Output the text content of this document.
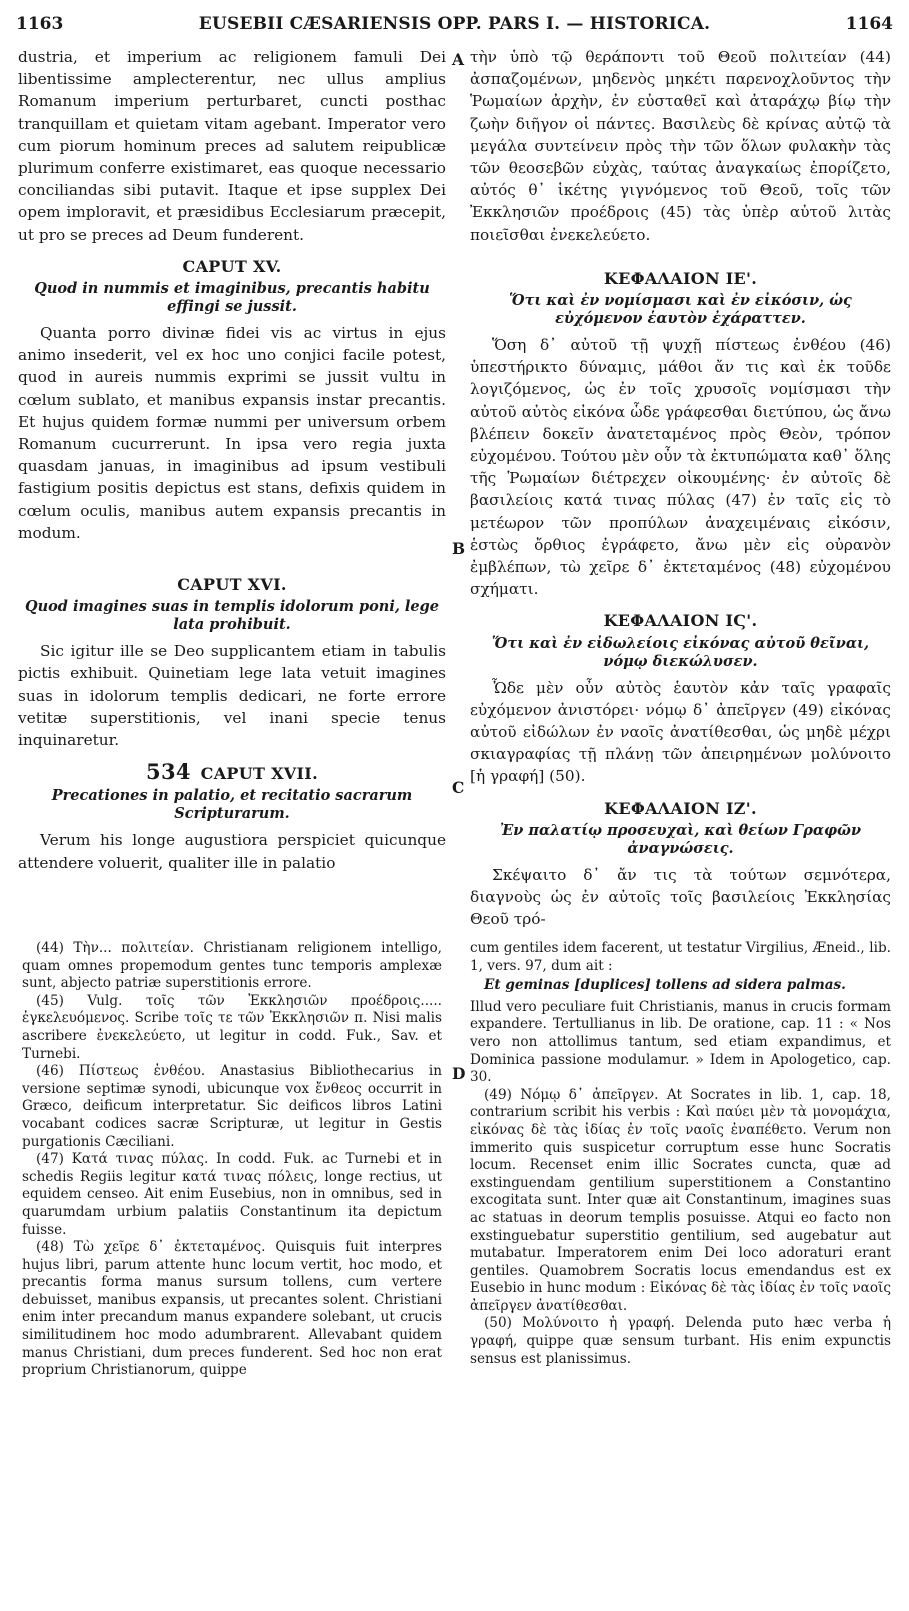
1163	EUSEBII CÆSARIENSIS OPP. PARS I. — HISTORICA.	1164
A
B
C
D

dustria, et imperium ac religionem famuli Dei libentissime amplecterentur, nec ullus amplius Romanum imperium perturbaret, cuncti posthac tranquillam et quietam vitam agebant. Imperator vero cum piorum hominum preces ad salutem reipublicæ plurimum conferre existimaret, eas quoque necessario conciliandas sibi putavit. Itaque et ipse supplex Dei opem imploravit, et præsidibus Ecclesiarum præcepit, ut pro se preces ad Deum funderent.

CAPUT XV.
Quod in nummis et imaginibus, precantis habitu effingi se jussit.

Quanta porro divinæ fidei vis ac virtus in ejus animo insederit, vel ex hoc uno conjici facile potest, quod in aureis nummis exprimi se jussit vultu in cœlum sublato, et manibus expansis instar precantis. Et hujus quidem formæ nummi per universum orbem Romanum cucurrerunt. In ipsa vero regia juxta quasdam januas, in imaginibus ad ipsum vestibuli fastigium positis depictus est stans, defixis quidem in cœlum oculis, manibus autem expansis precantis in modum.

CAPUT XVI.
Quod imagines suas in templis idolorum poni, lege lata prohibuit.

Sic igitur ille se Deo supplicantem etiam in tabulis pictis exhibuit. Quinetiam lege lata vetuit imagines suas in idolorum templis dedicari, ne forte errore vetitæ superstitionis, vel inani specie tenus inquinaretur.

534 CAPUT XVII.
Precationes in palatio, et recitatio sacrarum Scripturarum.

Verum his longe augustiora perspiciet quicunque attendere voluerit, qualiter ille in palatio

τὴν ὑπὸ τῷ θεράποντι τοῦ Θεοῦ πολιτείαν (44) ἀσπαζομένων, μηδενὸς μηκέτι παρενοχλοῦντος τὴν Ῥωμαίων ἀρχὴν, ἐν εὐσταθεῖ καὶ ἀταράχῳ βίῳ τὴν ζωὴν διῆγον οἱ πάντες. Βασιλεὺς δὲ κρίνας αὐτῷ τὰ μεγάλα συντείνειν πρὸς τὴν τῶν ὅλων φυλακὴν τὰς τῶν θεοσεβῶν εὐχὰς, ταύτας ἀναγκαίως ἐπορίζετο, αὐτός θ᾽ ἱκέτης γιγνόμενος τοῦ Θεοῦ, τοῖς τῶν Ἐκκλησιῶν προέδροις (45) τὰς ὑπὲρ αὐτοῦ λιτὰς ποιεῖσθαι ἐνεκελεύετο.

ΚΕΦΑΛΑΙΟΝ ΙΕ'.
Ὅτι καὶ ἐν νομίσμασι καὶ ἐν εἰκόσιν, ὡς εὐχόμενον ἑαυτὸν ἐχάραττεν.

Ὅση δ᾽ αὐτοῦ τῇ ψυχῇ πίστεως ἐνθέου (46) ὑπεστήρικτο δύναμις, μάθοι ἄν τις καὶ ἐκ τοῦδε λογιζόμενος, ὡς ἐν τοῖς χρυσοῖς νομίσμασι τὴν αὐτοῦ αὐτὸς εἰκόνα ὧδε γράφεσθαι διετύπου, ὡς ἄνω βλέπειν δοκεῖν ἀνατεταμένος πρὸς Θεὸν, τρόπον εὐχομένου. Τούτου μὲν οὖν τὰ ἐκτυπώματα καθ᾽ ὅλης τῆς Ῥωμαίων διέτρεχεν οἰκουμένης· ἐν αὐτοῖς δὲ βασιλείοις κατά τινας πύλας (47) ἐν ταῖς εἰς τὸ μετέωρον τῶν προπύλων ἀναχειμέναις εἰκόσιν, ἑστὼς ὄρθιος ἐγράφετο, ἄνω μὲν εἰς οὐρανὸν ἐμβλέπων, τὼ χεῖρε δ᾽ ἐκτεταμένος (48) εὐχομένου σχήματι.

ΚΕΦΑΛΑΙΟΝ ΙϚ'.
Ὅτι καὶ ἐν εἰδωλείοις εἰκόνας αὐτοῦ θεῖναι, νόμῳ διεκώλυσεν.

Ὧδε μὲν οὖν αὐτὸς ἑαυτὸν κἀν ταῖς γραφαῖς εὐχόμενον ἀνιστόρει· νόμῳ δ᾽ ἀπεῖργεν (49) εἰκόνας αὐτοῦ εἰδώλων ἐν ναοῖς ἀνατίθεσθαι, ὡς μηδὲ μέχρι σκιαγραφίας τῇ πλάνῃ τῶν ἀπειρημένων μολύνοιτο [ἡ γραφή] (50).

ΚΕΦΑΛΑΙΟΝ ΙΖ'.
Ἐν παλατίῳ προσευχαὶ, καὶ θείων Γραφῶν ἀναγνώσεις.

Σκέψαιτο δ᾽ ἄν τις τὰ τούτων σεμνότερα, διαγνοὺς ὡς ἐν αὐτοῖς τοῖς βασιλείοις Ἐκκλησίας Θεοῦ τρό-

(44) Τὴν... πολιτείαν. Christianam religionem intelligo, quam omnes propemodum gentes tunc temporis amplexæ sunt, abjecto patriæ superstitionis errore.

(45) Vulg. τοῖς τῶν Ἐκκλησιῶν προέδροις..... ἐγκελευόμενος. Scribe τοῖς τε τῶν Ἐκκλησιῶν π. Nisi malis ascribere ἐνεκελεύετο, ut legitur in codd. Fuk., Sav. et Turnebi.

(46) Πίστεως ἐνθέου. Anastasius Bibliothecarius in versione septimæ synodi, ubicunque vox ἔνθεος occurrit in Græco, deificum interpretatur. Sic deificos libros Latini vocabant codices sacræ Scripturæ, ut legitur in Gestis purgationis Cæciliani.

(47) Κατά τινας πύλας. In codd. Fuk. ac Turnebi et in schedis Regiis legitur κατά τινας πόλεις, longe rectius, ut equidem censeo. Ait enim Eusebius, non in omnibus, sed in quarumdam urbium palatiis Constantinum ita depictum fuisse.

(48) Τὼ χεῖρε δ᾽ ἐκτεταμένος. Quisquis fuit interpres hujus libri, parum attente hunc locum vertit, hoc modo, et precantis forma manus sursum tollens, cum vertere debuisset, manibus expansis, ut precantes solent. Christiani enim inter precandum manus expandere solebant, ut crucis similitudinem hoc modo adumbrarent. Allevabant quidem manus Christiani, dum preces funderent. Sed hoc non erat proprium Christianorum, quippe

cum gentiles idem facerent, ut testatur Virgilius, Æneid., lib. 1, vers. 97, dum ait :

Et geminas [duplices] tollens ad sidera palmas.

Illud vero peculiare fuit Christianis, manus in crucis formam expandere. Tertullianus in lib. De oratione, cap. 11 : « Nos vero non attollimus tantum, sed etiam expandimus, et Dominica passione modulamur. » Idem in Apologetico, cap. 30.

(49) Νόμῳ δ᾽ ἀπεῖργεν. At Socrates in lib. 1, cap. 18, contrarium scribit his verbis : Καὶ παύει μὲν τὰ μονομάχια, εἰκόνας δὲ τὰς ἰδίας ἐν τοῖς ναοῖς ἐναπέθετο. Verum non immerito quis suspicetur corruptum esse hunc Socratis locum. Recenset enim illic Socrates cuncta, quæ ad exstinguendam gentilium superstitionem a Constantino excogitata sunt. Inter quæ ait Constantinum, imagines suas ac statuas in deorum templis posuisse. Atqui eo facto non exstinguebatur superstitio gentilium, sed augebatur aut mutabatur. Imperatorem enim Dei loco adoraturi erant gentiles. Quamobrem Socratis locus emendandus est ex Eusebio in hunc modum : Εἰκόνας δὲ τὰς ἰδίας ἐν τοῖς ναοῖς ἀπεῖργεν ἀνατίθεσθαι.

(50) Μολύνοιτο ἡ γραφή. Delenda puto hæc verba ἡ γραφή, quippe quæ sensum turbant. His enim expunctis sensus est planissimus.
